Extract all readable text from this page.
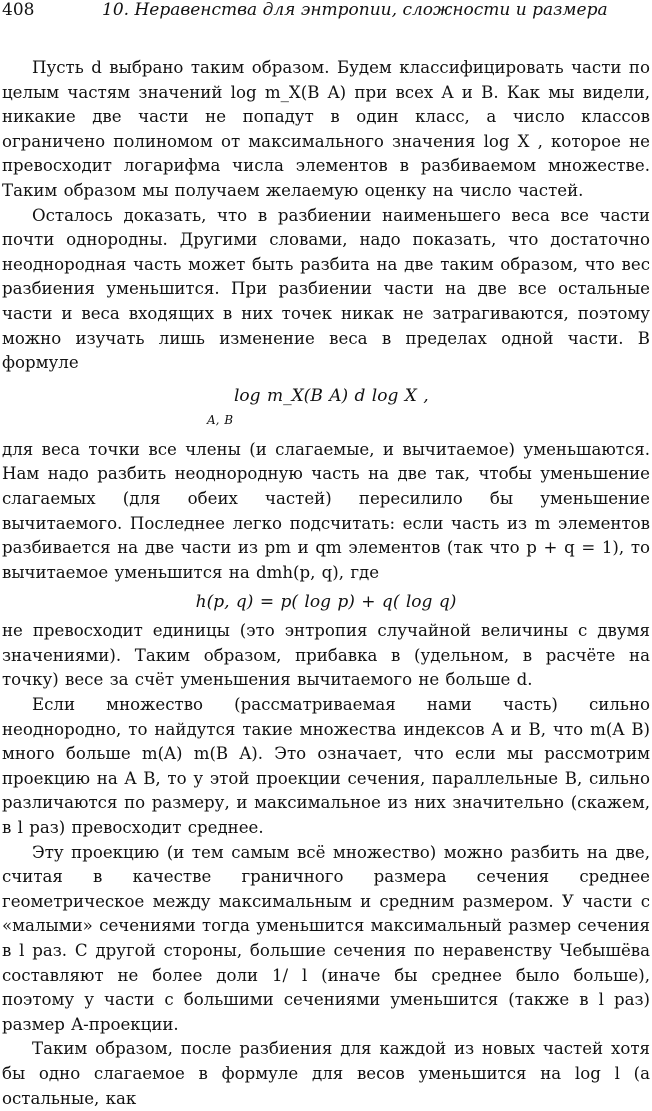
408	10. Неравенства для энтропии, сложности и размера

Пусть d выбрано таким образом. Будем классифицировать части по целым частям значений log m_X(B A) при всех A и B. Как мы видели, никакие две части не попадут в один класс, а число классов ограничено полиномом от максимального значения log X , которое не превосходит логарифма числа элементов в разбиваемом множестве. Таким образом мы получаем желаемую оценку на число частей.

Осталось доказать, что в разбиении наименьшего веса все части почти однородны. Другими словами, надо показать, что достаточно неоднородная часть может быть разбита на две таким образом, что вес разбиения уменьшится. При разбиении части на две все остальные части и веса входящих в них точек никак не затрагиваются, поэтому можно изучать лишь изменение веса в пределах одной части. В формуле

log m_X(B A) d log X ,
A, B

для веса точки все члены (и слагаемые, и вычитаемое) уменьшаются. Нам надо разбить неоднородную часть на две так, чтобы уменьшение слагаемых (для обеих частей) пересилило бы уменьшение вычитаемого. Последнее легко подсчитать: если часть из m элементов разбивается на две части из pm и qm элементов (так что p + q = 1), то вычитаемое уменьшится на dmh(p, q), где

h(p, q) = p( log p) + q( log q)

не превосходит единицы (это энтропия случайной величины с двумя значениями). Таким образом, прибавка в (удельном, в расчёте на точку) весе за счёт уменьшения вычитаемого не больше d.

Если множество (рассматриваемая нами часть) сильно неоднородно, то найдутся такие множества индексов A и B, что m(A B) много больше m(A) m(B A). Это означает, что если мы рассмотрим проекцию на A B, то у этой проекции сечения, параллельные B, сильно различаются по размеру, и максимальное из них значительно (скажем, в l раз) превосходит среднее.

Эту проекцию (и тем самым всё множество) можно разбить на две, считая в качестве граничного размера сечения среднее геометрическое между максимальным и средним размером. У части с «малыми» сечениями тогда уменьшится максимальный размер сечения в l раз. С другой стороны, большие сечения по неравенству Чебышёва составляют не более доли 1/ l (иначе бы среднее было больше), поэтому у части с большими сечениями уменьшится (также в l раз) размер A-проекции.

Таким образом, после разбиения для каждой из новых частей хотя бы одно слагаемое в формуле для весов уменьшится на log l (а остальные, как
